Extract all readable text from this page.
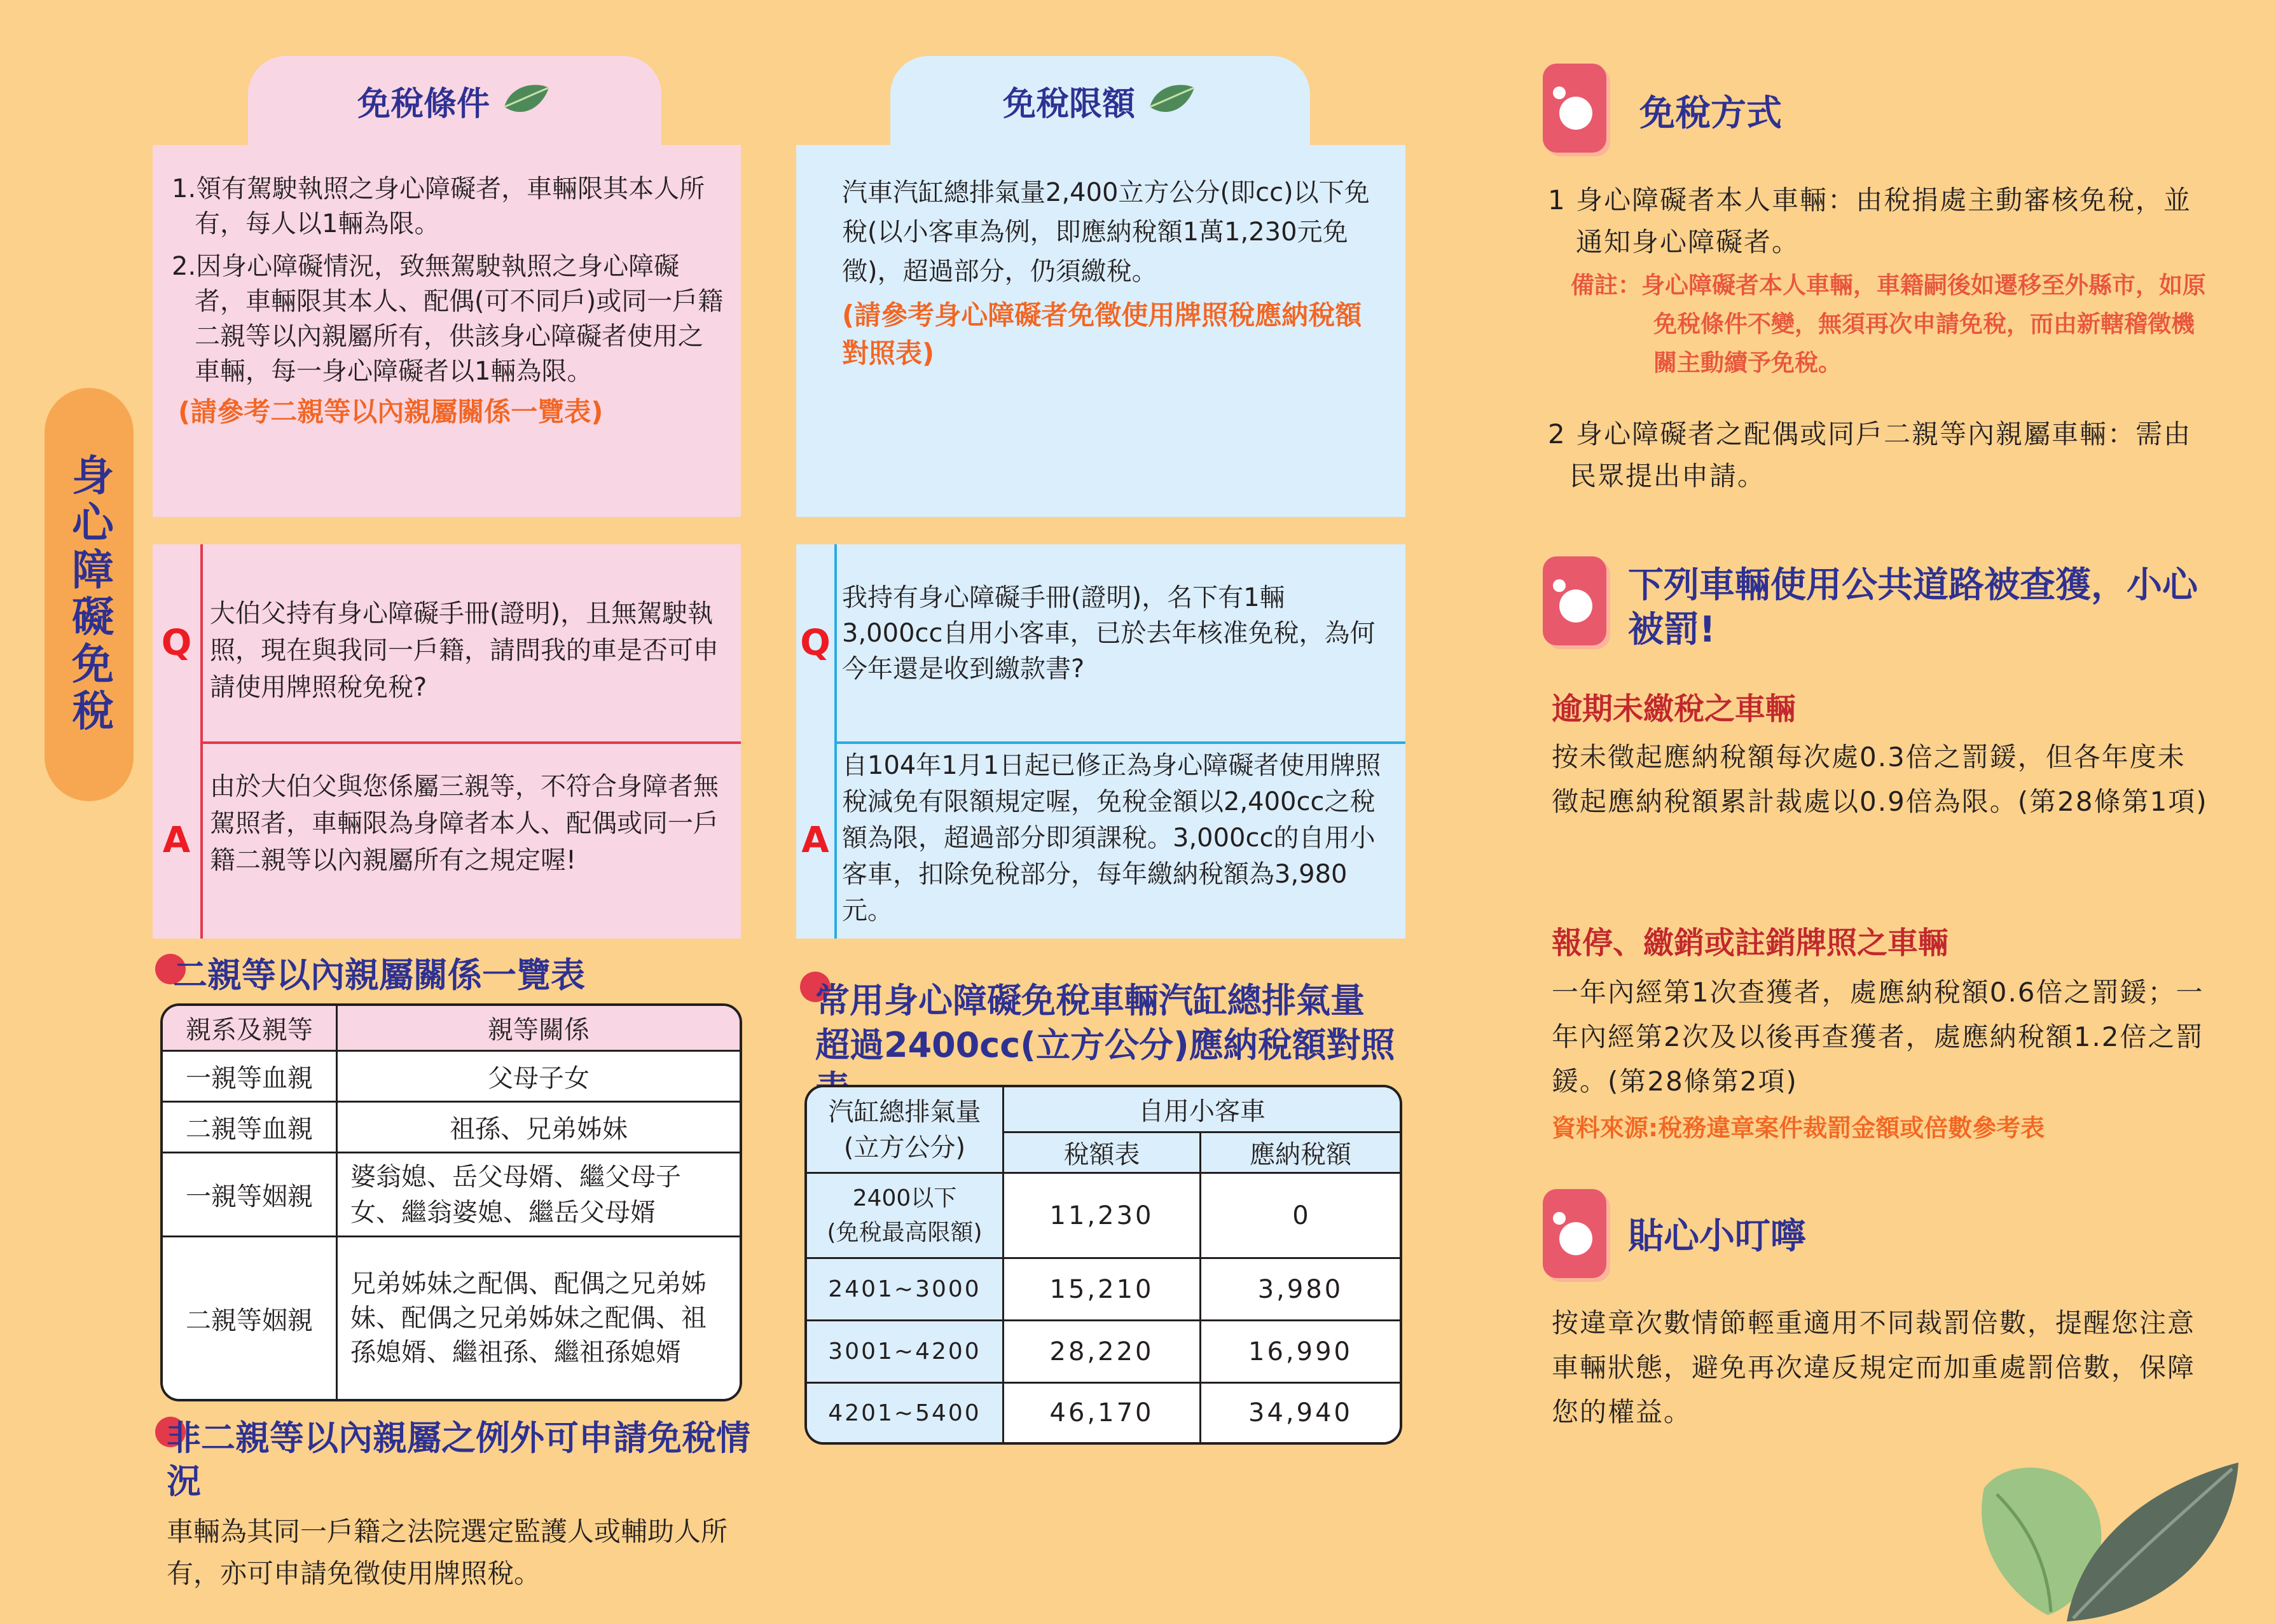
身心障礙免稅
免稅條件
1.領有駕駛執照之身心障礙者，車輛限其本人所有，每人以1輛為限。
2.因身心障礙情況，致無駕駛執照之身心障礙者，車輛限其本人、配偶(可不同戶)或同一戶籍二親等以內親屬所有，供該身心障礙者使用之車輛，每一身心障礙者以1輛為限。
(請參考二親等以內親屬關係一覽表)
Q
A
大伯父持有身心障礙手冊(證明)，且無駕駛執照，現在與我同一戶籍，請問我的車是否可申請使用牌照稅免稅?
由於大伯父與您係屬三親等，不符合身障者無駕照者，車輛限為身障者本人、配偶或同一戶籍二親等以內親屬所有之規定喔!
二親等以內親屬關係一覽表
親系及親等	親等關係
一親等血親	父母子女
二親等血親	祖孫、兄弟姊妹
一親等姻親	婆翁媳、岳父母婿、繼父母子女、繼翁婆媳、繼岳父母婿
二親等姻親	兄弟姊妹之配偶、配偶之兄弟姊妹、配偶之兄弟姊妹之配偶、祖孫媳婿、繼祖孫、繼祖孫媳婿
非二親等以內親屬之例外可申請免稅情況
車輛為其同一戶籍之法院選定監護人或輔助人所有，亦可申請免徵使用牌照稅。
免稅限額
汽車汽缸總排氣量2,400立方公分(即cc)以下免稅(以小客車為例，即應納稅額1萬1,230元免徵)，超過部分，仍須繳稅。
(請參考身心障礙者免徵使用牌照稅應納稅額對照表)
Q
A
我持有身心障礙手冊(證明)，名下有1輛3,000cc自用小客車，已於去年核准免稅，為何今年還是收到繳款書?
自104年1月1日起已修正為身心障礙者使用牌照稅減免有限額規定喔，免稅金額以2,400cc之稅額為限，超過部分即須課稅。3,000cc的自用小客車，扣除免稅部分，每年繳納稅額為3,980元。
常用身心障礙免稅車輛汽缸總排氣量
超過2400cc(立方公分)應納稅額對照
汽缸總排氣量
(立方公分)	自用小客車	
	稅額表	應納稅額

2400以下
(免稅最高限額)	11,230	0
2401~3000	15,210	3,980
3001~4200	28,220	16,990
4201~5400	46,170	34,940
免稅方式
1 身心障礙者本人車輛：由稅捐處主動審核免稅，並通知身心障礙者。
備註：身心障礙者本人車輛，車籍嗣後如遷移至外縣市，如原免稅條件不變，無須再次申請免稅，而由新轄稽徵機關主動續予免稅。
2 身心障礙者之配偶或同戶二親等內親屬車輛：需由民眾提出申請。
下列車輛使用公共道路被查獲，小心被罰!
逾期未繳稅之車輛
按未徵起應納稅額每次處0.3倍之罰鍰，但各年度未徵起應納稅額累計裁處以0.9倍為限。(第28條第1項)
報停、繳銷或註銷牌照之車輛
一年內經第1次查獲者，處應納稅額0.6倍之罰鍰；一年內經第2次及以後再查獲者，處應納稅額1.2倍之罰鍰。(第28條第2項)
資料來源:稅務違章案件裁罰金額或倍數參考表
貼心小叮嚀
按違章次數情節輕重適用不同裁罰倍數，提醒您注意車輛狀態，避免再次違反規定而加重處罰倍數，保障您的權益。
